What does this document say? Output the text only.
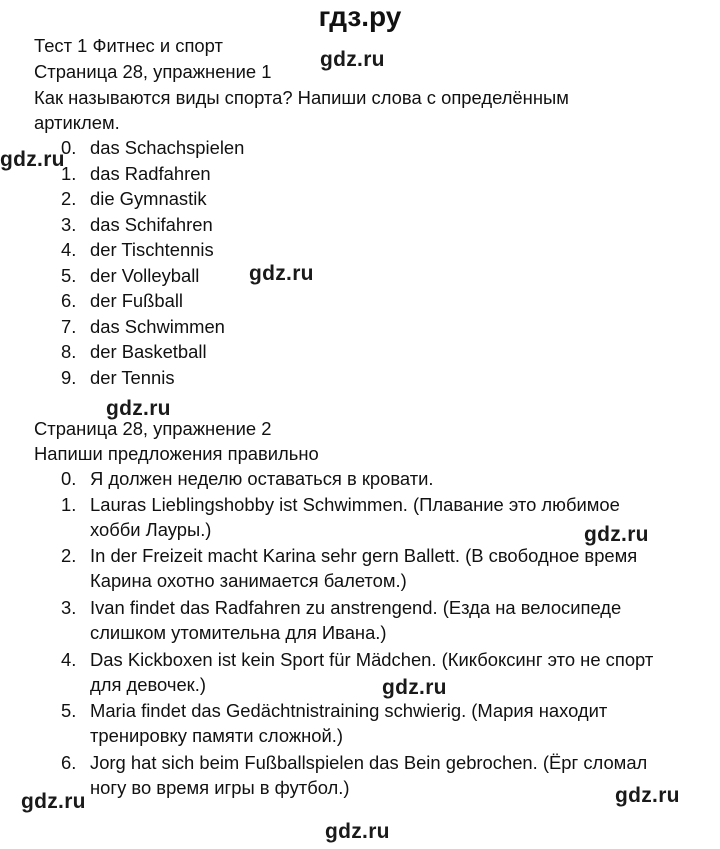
гдз.ру
Тест 1 Фитнес и спорт
Страница 28, упражнение 1
Как называются виды спорта? Напиши слова с определённым
артиклем.
0. das Schachspielen
1. das Radfahren
2. die Gymnastik
3. das Schifahren
4. der Tischtennis
5. der Volleyball
6. der Fußball
7. das Schwimmen
8. der Basketball
9. der Tennis
Страница 28, упражнение 2
Напиши предложения правильно
0. Я должен неделю оставаться в кровати.
1. Lauras Lieblingshobby ist Schwimmen. (Плавание это любимое
хобби Лауры.)
2. In der Freizeit macht Karina sehr gern Ballett. (В свободное время
Карина охотно занимается балетом.)
3. Ivan findet das Radfahren zu anstrengend. (Езда на велосипеде
слишком утомительна для Ивана.)
4. Das Kickboxen ist kein Sport für Mädchen. (Кикбоксинг это не спорт
для девочек.)
5. Maria findet das Gedächtnistraining schwierig. (Мария находит
тренировку памяти сложной.)
6. Jorg hat sich beim Fußballspielen das Bein gebrochen. (Ёрг сломал
ногу во время игры в футбол.)
gdz.ru
gdz.ru
gdz.ru
gdz.ru
gdz.ru
gdz.ru
gdz.ru	gdz.ru
gdz.ru
